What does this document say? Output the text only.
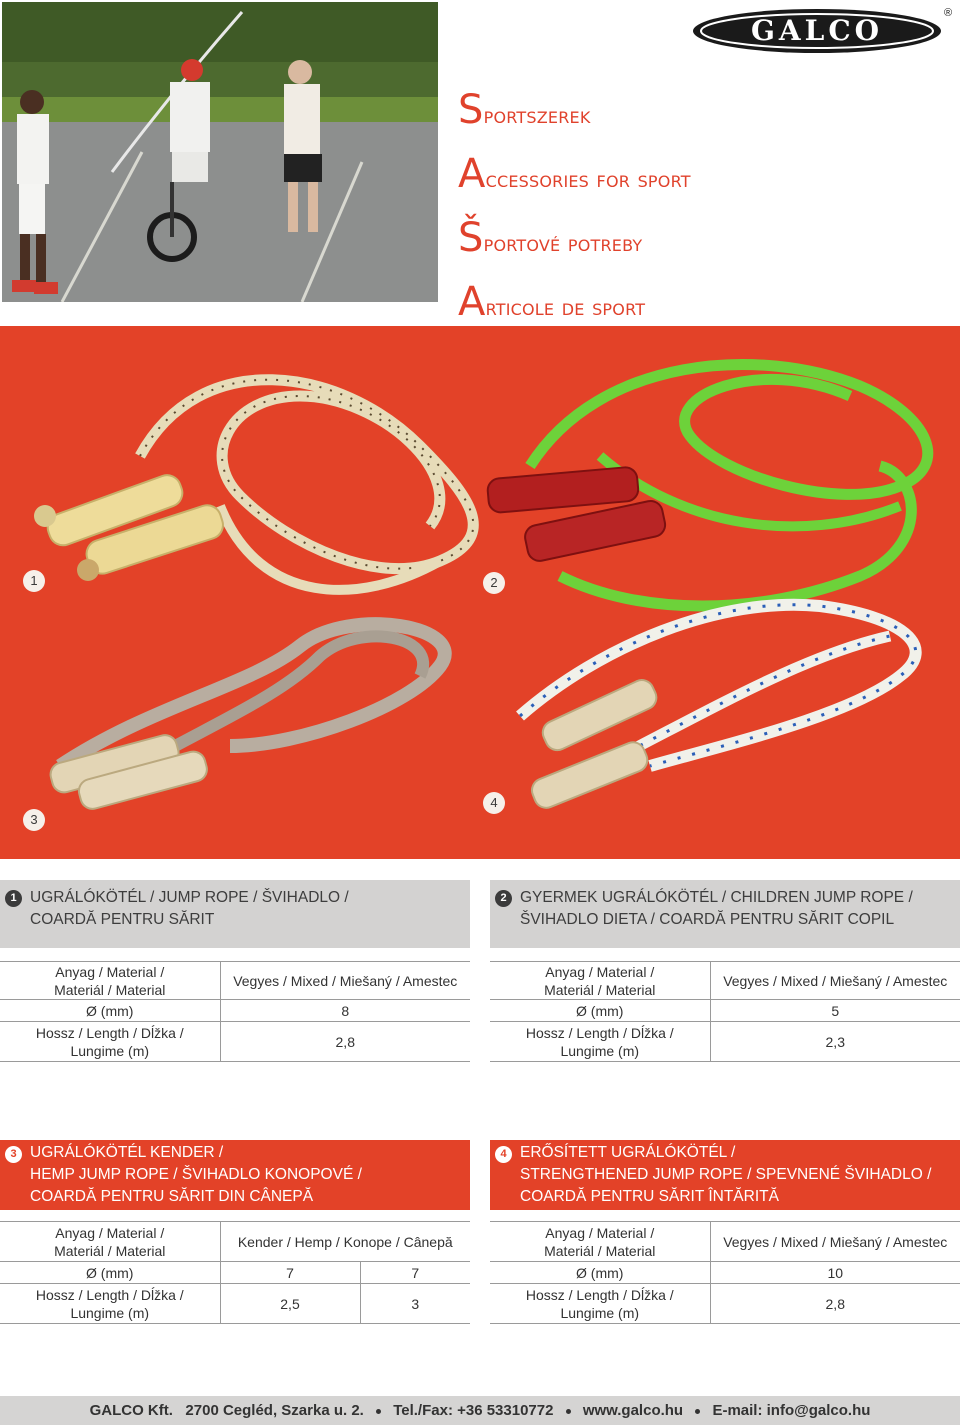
GALCO
®
Sportszerek
Accessories for sport
Športové potreby
Articole de sport
1	2
3
4
1 UGRÁLÓKÖTÉL / JUMP ROPE / ŠVIHADLO /
COARDĂ PENTRU SĂRIT
Anyag / Material /
Materiál / Material	Vegyes / Mixed / Miešaný / Amestec
Ø (mm)	8

Hossz / Length / Dĺžka /
Lungime (m)	2,8
2 GYERMEK UGRÁLÓKÖTÉL / CHILDREN JUMP ROPE /
ŠVIHADLO DIETA / COARDĂ PENTRU SĂRIT COPIL
Anyag / Material /
Materiál / Material	Vegyes / Mixed / Miešaný / Amestec
Ø (mm)	5

Hossz / Length / Dĺžka /
Lungime (m)	2,3
3 UGRÁLÓKÖTÉL KENDER /
HEMP JUMP ROPE / ŠVIHADLO KONOPOVÉ /
COARDĂ PENTRU SĂRIT DIN CÂNEPĂ
Anyag / Material /
Materiál / Material	Kender / Hemp / Konope / Cânepă	
Ø (mm)	7	7

Hossz / Length / Dĺžka /
Lungime (m)	2,5	3
4 ERŐSÍTETT UGRÁLÓKÖTÉL /
STRENGTHENED JUMP ROPE / SPEVNENÉ ŠVIHADLO /
COARDĂ PENTRU SĂRIT ÎNTĂRITĂ
Anyag / Material /
Materiál / Material	Vegyes / Mixed / Miešaný / Amestec
Ø (mm)	10

Hossz / Length / Dĺžka /
Lungime (m)	2,8
GALCO Kft. 2700 Cegléd, Szarka u. 2. Tel./Fax: +36 53310772 www.galco.hu E-mail: info@galco.hu
